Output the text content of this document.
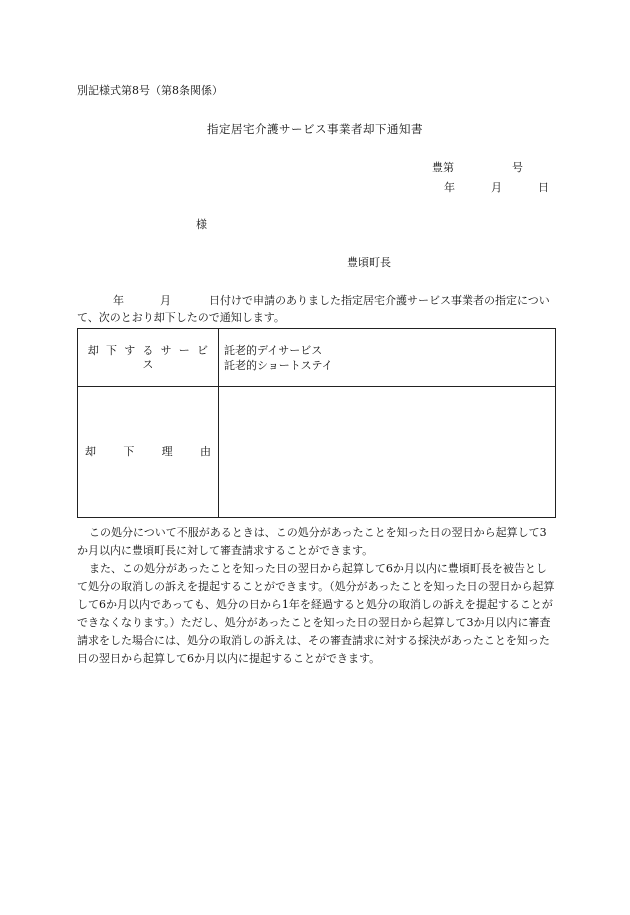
別記様式第8号（第8条関係）
指定居宅介護サービス事業者却下通知書
豊第	号
年	月	日
様
豊頃町長
年	月	日付けで申請のありました指定居宅介護サービス事業者の指定について、次のとおり却下したので通知します。
却下するサービス	託老的デイサービス
託老的ショートステイ

却 下 理 由	

この処分について不服があるときは、この処分があったことを知った日の翌日から起算して3か月以内に豊頃町長に対して審査請求することができます。
また、この処分があったことを知った日の翌日から起算して6か月以内に豊頃町長を被告として処分の取消しの訴えを提起することができます。（処分があったことを知った日の翌日から起算して6か月以内であっても、処分の日から1年を経過すると処分の取消しの訴えを提起することができなくなります。）ただし、処分があったことを知った日の翌日から起算して3か月以内に審査請求をした場合には、処分の取消しの訴えは、その審査請求に対する採決があったことを知った日の翌日から起算して6か月以内に提起することができます。
